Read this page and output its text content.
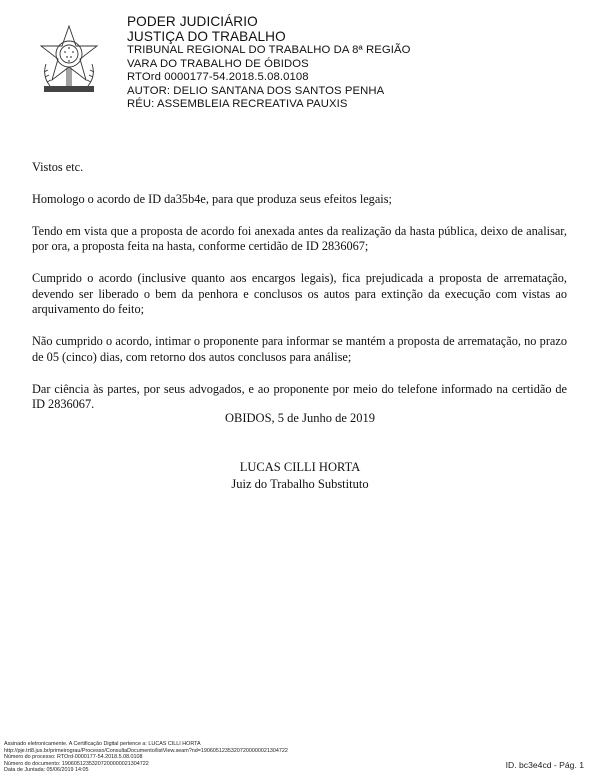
PODER JUDICIÁRIO
JUSTIÇA DO TRABALHO
TRIBUNAL REGIONAL DO TRABALHO DA 8ª REGIÃO
VARA DO TRABALHO DE ÓBIDOS
RTOrd 0000177-54.2018.5.08.0108
AUTOR: DELIO SANTANA DOS SANTOS PENHA
RÉU: ASSEMBLEIA RECREATIVA PAUXIS

Vistos etc.

Homologo o acordo de ID da35b4e, para que produza seus efeitos legais;

Tendo em vista que a proposta de acordo foi anexada antes da realização da hasta pública, deixo de analisar, por ora, a proposta feita na hasta, conforme certidão de ID 2836067;

Cumprido o acordo (inclusive quanto aos encargos legais), fica prejudicada a proposta de arrematação, devendo ser liberado o bem da penhora e conclusos os autos para extinção da execução com vistas ao arquivamento do feito;

Não cumprido o acordo, intimar o proponente para informar se mantém a proposta de arrematação, no prazo de 05 (cinco) dias, com retorno dos autos conclusos para análise;

Dar ciência às partes, por seus advogados, e ao proponente por meio do telefone informado na certidão de ID 2836067.

OBIDOS, 5 de Junho de 2019
LUCAS CILLI HORTA
Juiz do Trabalho Substituto
Assinado eletronicamente. A Certificação Digital pertence a: LUCAS CILLI HORTA
http://pje.trt8.jus.br/primeirograu/Processo/ConsultaDocumento/listView.seam?nd=19060512353207200000021304722
Número do processo: RTOrd-0000177-54.2018.5.08.0108
Número do documento: 19060512353207200000021304722
Data de Juntada: 05/06/2019 14:05
ID. bc3e4cd - Pág. 1
